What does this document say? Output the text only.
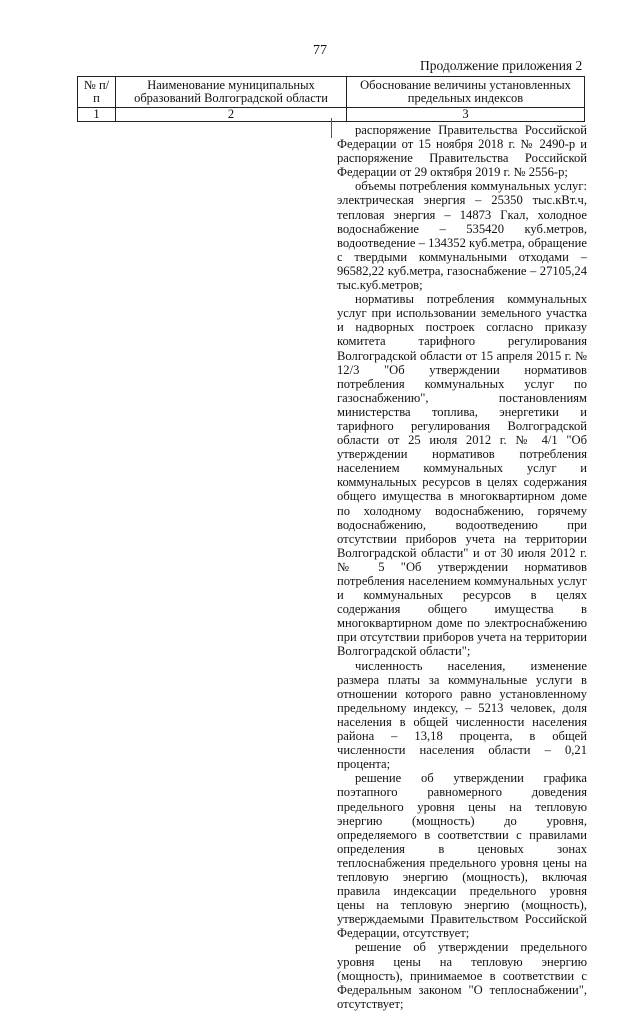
77
Продолжение приложения 2
№ п/п	Наименование муниципальных образований Волгоградской области	Обоснование величины установленных предельных индексов
1	2	3

распоряжение Правительства Российской Федерации от 15 ноября 2018 г. № 2490-р и распоряжение Правительства Российской Федерации от 29 октября 2019 г. № 2556-р;

объемы потребления коммунальных услуг: электрическая энергия – 25350 тыс.кВт.ч, тепловая энергия – 14873 Гкал, холодное водоснабжение – 535420 куб.метров, водоотведение – 134352 куб.метра, обращение с твердыми коммунальными отходами – 96582,22 куб.метра, газоснабжение – 27105,24 тыс.куб.метров;

нормативы потребления коммунальных услуг при использовании земельного участка и надворных построек согласно приказу комитета тарифного регулирования Волгоградской области от 15 апреля 2015 г. № 12/3 "Об утверждении нормативов потребления коммунальных услуг по газоснабжению", постановлениям министерства топлива, энергетики и тарифного регулирования Волгоградской области от 25 июля 2012 г. № 4/1 "Об утверждении нормативов потребления населением коммунальных услуг и коммунальных ресурсов в целях содержания общего имущества в многоквартирном доме по холодному водоснабжению, горячему водоснабжению, водоотведению при отсутствии приборов учета на территории Волгоградской области" и от 30 июля 2012 г. № 5 "Об утверждении нормативов потребления населением коммунальных услуг и коммунальных ресурсов в целях содержания общего имущества в многоквартирном доме по электроснабжению при отсутствии приборов учета на территории Волгоградской области";

численность населения, изменение размера платы за коммунальные услуги в отношении которого равно установленному предельному индексу, – 5213 человек, доля населения в общей численности населения района – 13,18 процента, в общей численности населения области – 0,21 процента;

решение об утверждении графика поэтапного равномерного доведения предельного уровня цены на тепловую энергию (мощность) до уровня, определяемого в соответствии с правилами определения в ценовых зонах теплоснабжения предельного уровня цены на тепловую энергию (мощность), включая правила индексации предельного уровня цены на тепловую энергию (мощность), утверждаемыми Правительством Российской Федерации, отсутствует;

решение об утверждении предельного уровня цены на тепловую энергию (мощность), принимаемое в соответствии с Федеральным законом "О теплоснабжении", отсутствует;
